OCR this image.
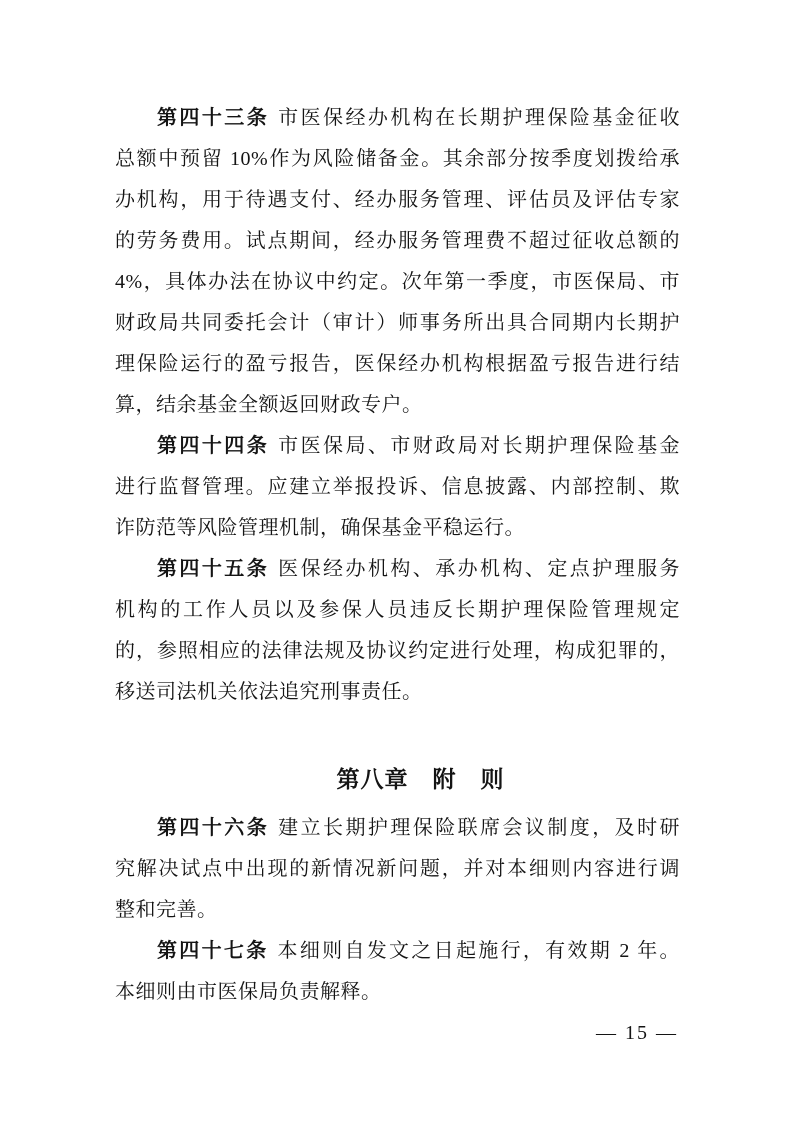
第四十三条 市医保经办机构在长期护理保险基金征收
总额中预留 10%作为风险储备金。其余部分按季度划拨给承
办机构，用于待遇支付、经办服务管理、评估员及评估专家
的劳务费用。试点期间，经办服务管理费不超过征收总额的
4%，具体办法在协议中约定。次年第一季度，市医保局、市
财政局共同委托会计（审计）师事务所出具合同期内长期护
理保险运行的盈亏报告，医保经办机构根据盈亏报告进行结
算，结余基金全额返回财政专户。
第四十四条 市医保局、市财政局对长期护理保险基金
进行监督管理。应建立举报投诉、信息披露、内部控制、欺
诈防范等风险管理机制，确保基金平稳运行。
第四十五条 医保经办机构、承办机构、定点护理服务
机构的工作人员以及参保人员违反长期护理保险管理规定
的，参照相应的法律法规及协议约定进行处理，构成犯罪的，
移送司法机关依法追究刑事责任。
第八章　附　则
第四十六条 建立长期护理保险联席会议制度，及时研
究解决试点中出现的新情况新问题，并对本细则内容进行调
整和完善。
第四十七条 本细则自发文之日起施行，有效期 2 年。
本细则由市医保局负责解释。
— 15 —
